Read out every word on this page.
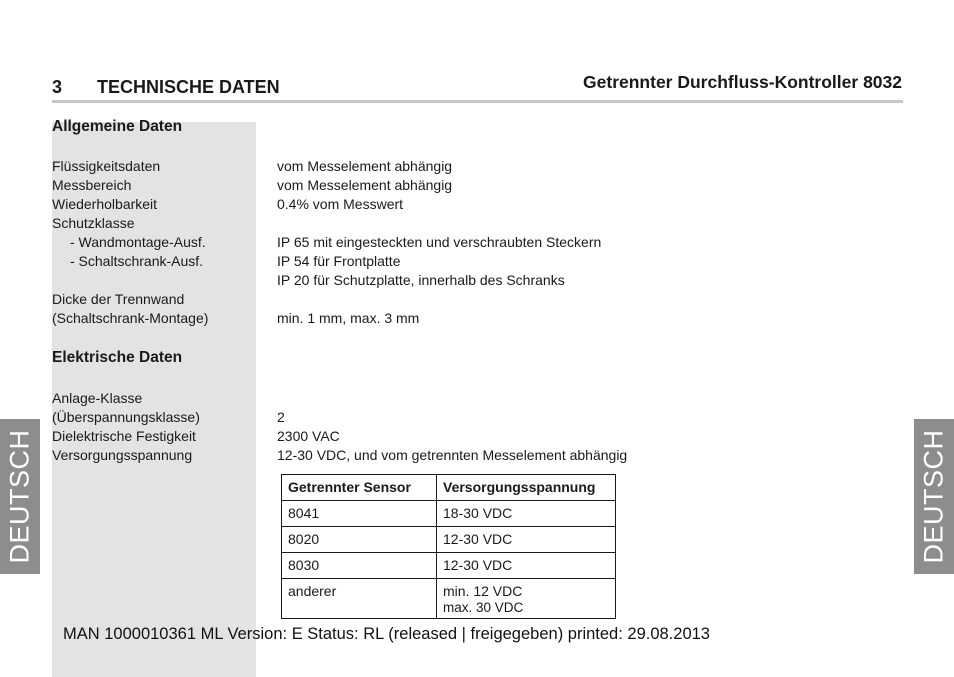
DEUTSCH	DEUTSCH
3 TECHNISCHE DATEN	Getrennter Durchfluss-Kontroller 8032
Allgemeine Daten
Flüssigkeitsdaten	vom Messelement abhängig
Messbereich	vom Messelement abhängig
Wiederholbarkeit	0.4% vom Messwert
Schutzklasse
- Wandmontage-Ausf.	IP 65 mit eingesteckten und verschraubten Steckern
- Schaltschrank-Ausf.	IP 54 für Frontplatte
IP 20 für Schutzplatte, innerhalb des Schranks
Dicke der Trennwand
(Schaltschrank-Montage)	min. 1 mm, max. 3 mm
Elektrische Daten
Anlage-Klasse
(Überspannungsklasse)	2
Dielektrische Festigkeit	2300 VAC
Versorgungsspannung	12-30 VDC, und vom getrennten Messelement abhängig
Getrennter Sensor	Versorgungsspannung
8041	18-30 VDC
8020	12-30 VDC
8030	12-30 VDC
anderer	min. 12 VDC
max. 30 VDC
MAN 1000010361 ML Version: E Status: RL (released | freigegeben) printed: 29.08.2013
